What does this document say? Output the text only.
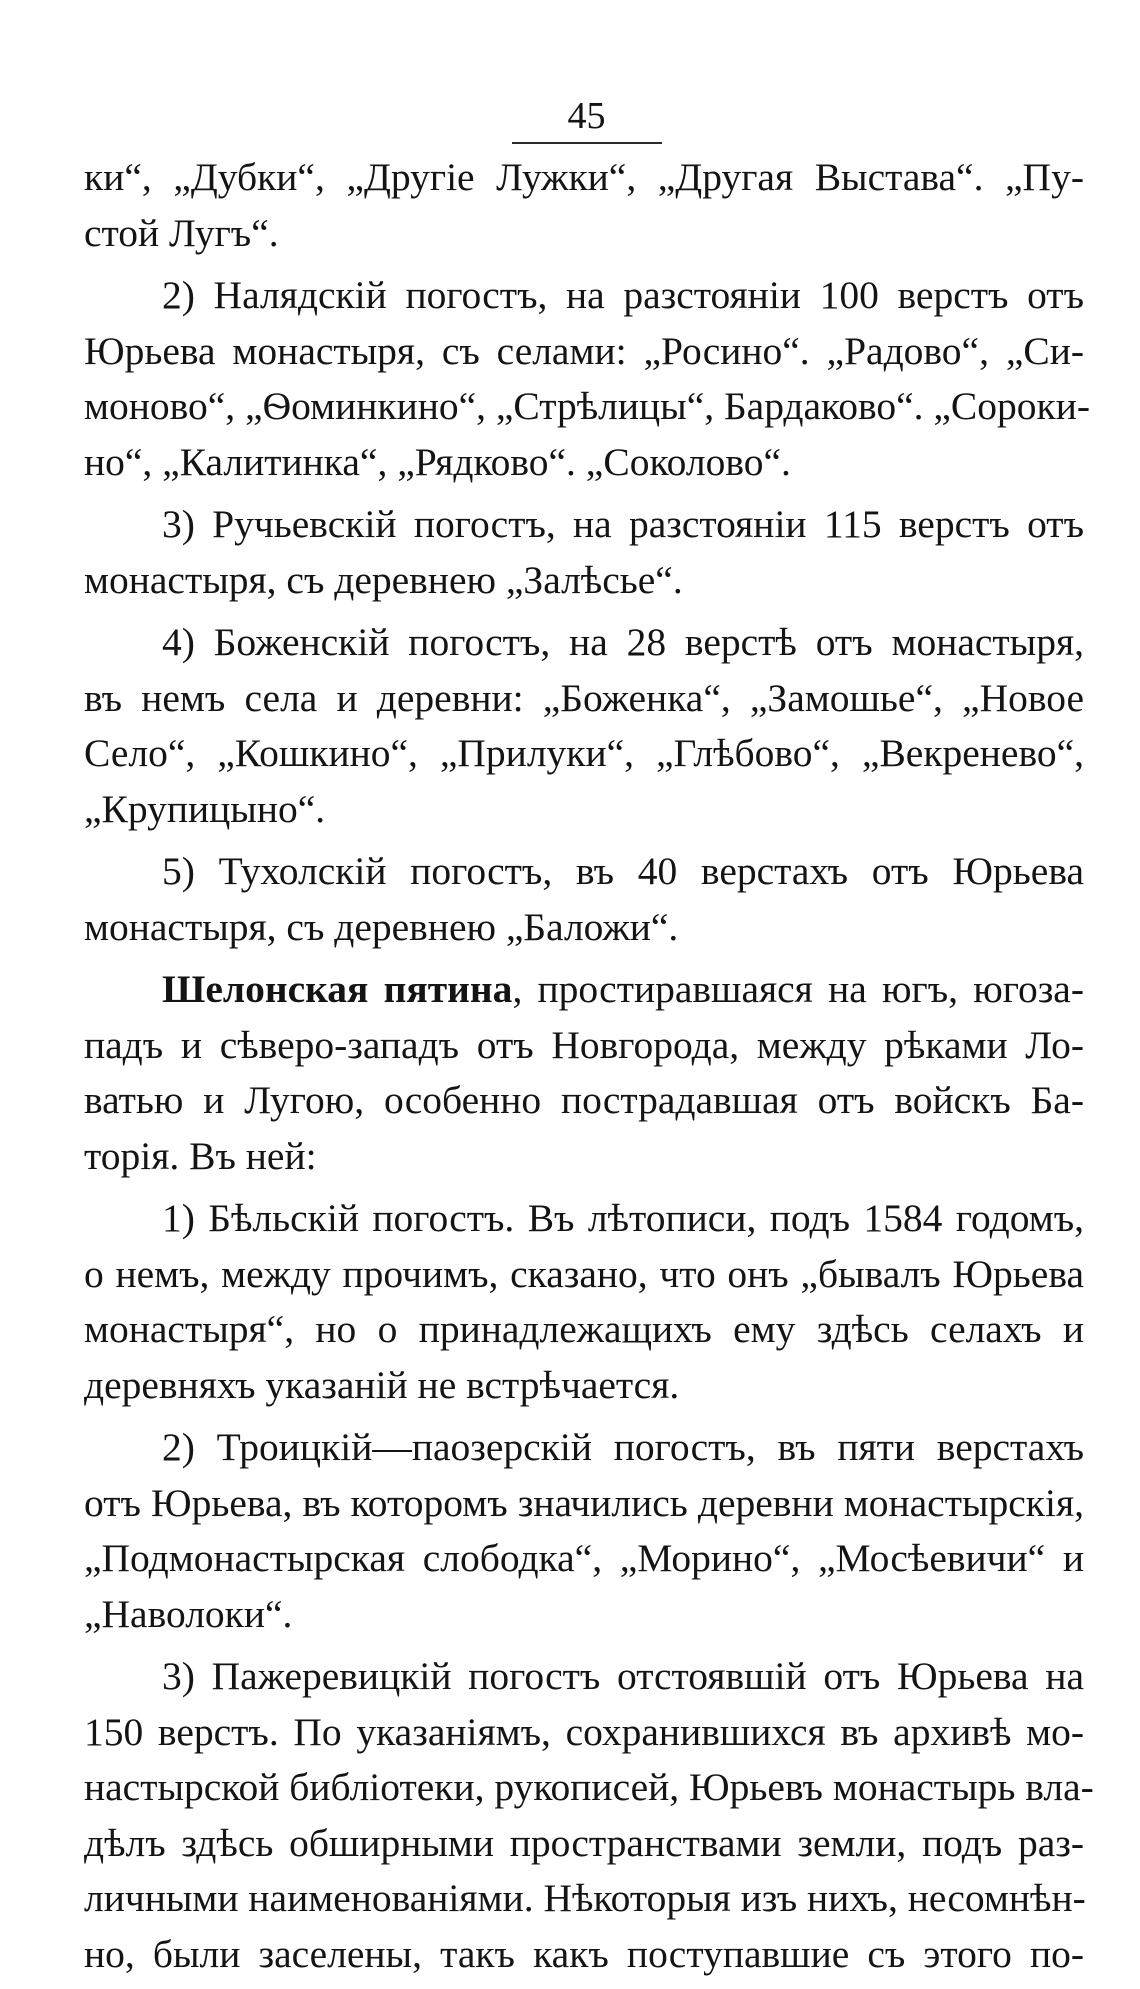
45

ки“, „Дубки“, „Другіе Лужки“, „Другая Выстава“. „Пу-
стой Лугъ“.

2) Налядскій погостъ, на разстояніи 100 верстъ отъ
Юрьева монастыря, съ селами: „Росино“. „Радово“, „Си-
моново“, „Ѳоминкино“, „Стрѣлицы“, Бардаково“. „Сороки-
но“, „Калитинка“, „Рядково“. „Соколово“.

3) Ручьевскій погостъ, на разстояніи 115 верстъ отъ
монастыря, съ деревнею „Залѣсье“.

4) Боженскій погостъ, на 28 верстѣ отъ монастыря,
въ немъ села и деревни: „Боженка“, „Замошье“, „Новое
Село“, „Кошкино“, „Прилуки“, „Глѣбово“, „Векренево“,
„Крупицыно“.

5) Тухолскій погостъ, въ 40 верстахъ отъ Юрьева
монастыря, съ деревнею „Баложи“.

Шелонская пятина, простиравшаяся на югъ, югоза-
падъ и сѣверо-западъ отъ Новгорода, между рѣками Ло-
ватью и Лугою, особенно пострадавшая отъ войскъ Ба-
торія. Въ ней:

1) Бѣльскій погостъ. Въ лѣтописи, подъ 1584 годомъ,
о немъ, между прочимъ, сказано, что онъ „бывалъ Юрьева
монастыря“, но о принадлежащихъ ему здѣсь селахъ и
деревняхъ указаній не встрѣчается.

2) Троицкій—паозерскій погостъ, въ пяти верстахъ
отъ Юрьева, въ которомъ значились деревни монастырскія,
„Подмонастырская слободка“, „Морино“, „Мосѣевичи“ и
„Наволоки“.

3) Пажеревицкій погостъ отстоявшій отъ Юрьева на
150 верстъ. По указаніямъ, сохранившихся въ архивѣ мо-
настырской библіотеки, рукописей, Юрьевъ монастырь вла-
дѣлъ здѣсь обширными пространствами земли, подъ раз-
личными наименованіями. Нѣкоторыя изъ нихъ, несомнѣн-
но, были заселены, такъ какъ поступавшие съ этого по-
